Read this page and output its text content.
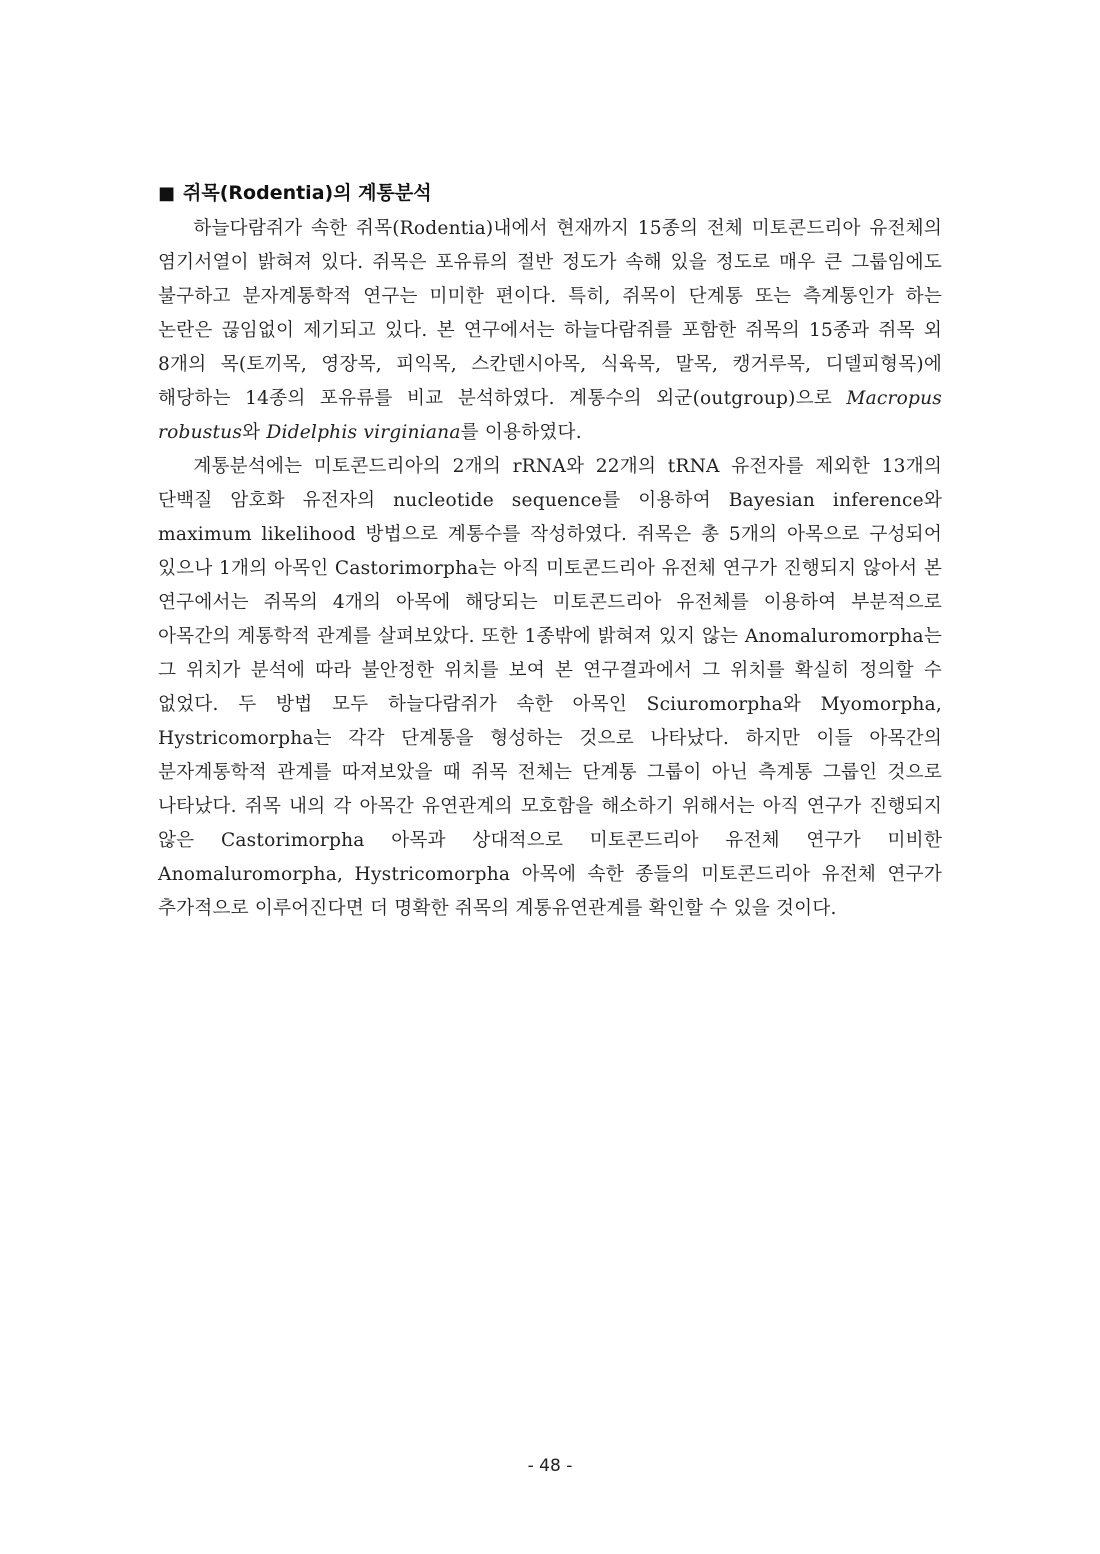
■ 쥐목(Rodentia)의 계통분석

하늘다람쥐가 속한 쥐목(Rodentia)내에서 현재까지 15종의 전체 미토콘드리아 유전체의 염기서열이 밝혀져 있다. 쥐목은 포유류의 절반 정도가 속해 있을 정도로 매우 큰 그룹임에도 불구하고 분자계통학적 연구는 미미한 편이다. 특히, 쥐목이 단계통 또는 측계통인가 하는 논란은 끊임없이 제기되고 있다. 본 연구에서는 하늘다람쥐를 포함한 쥐목의 15종과 쥐목 외 8개의 목(토끼목, 영장목, 피익목, 스칸덴시아목, 식육목, 말목, 캥거루목, 디델피형목)에 해당하는 14종의 포유류를 비교 분석하였다. 계통수의 외군(outgroup)으로 Macropus robustus와 Didelphis virginiana를 이용하였다.

계통분석에는 미토콘드리아의 2개의 rRNA와 22개의 tRNA 유전자를 제외한 13개의 단백질 암호화 유전자의 nucleotide sequence를 이용하여 Bayesian inference와 maximum likelihood 방법으로 계통수를 작성하였다. 쥐목은 총 5개의 아목으로 구성되어 있으나 1개의 아목인 Castorimorpha는 아직 미토콘드리아 유전체 연구가 진행되지 않아서 본 연구에서는 쥐목의 4개의 아목에 해당되는 미토콘드리아 유전체를 이용하여 부분적으로 아목간의 계통학적 관계를 살펴보았다. 또한 1종밖에 밝혀져 있지 않는 Anomaluromorpha는 그 위치가 분석에 따라 불안정한 위치를 보여 본 연구결과에서 그 위치를 확실히 정의할 수 없었다. 두 방법 모두 하늘다람쥐가 속한 아목인 Sciuromorpha와 Myomorpha, Hystricomorpha는 각각 단계통을 형성하는 것으로 나타났다. 하지만 이들 아목간의 분자계통학적 관계를 따져보았을 때 쥐목 전체는 단계통 그룹이 아닌 측계통 그룹인 것으로 나타났다. 쥐목 내의 각 아목간 유연관계의 모호함을 해소하기 위해서는 아직 연구가 진행되지 않은 Castorimorpha 아목과 상대적으로 미토콘드리아 유전체 연구가 미비한 Anomaluromorpha, Hystricomorpha 아목에 속한 종들의 미토콘드리아 유전체 연구가 추가적으로 이루어진다면 더 명확한 쥐목의 계통유연관계를 확인할 수 있을 것이다.

- 48 -
